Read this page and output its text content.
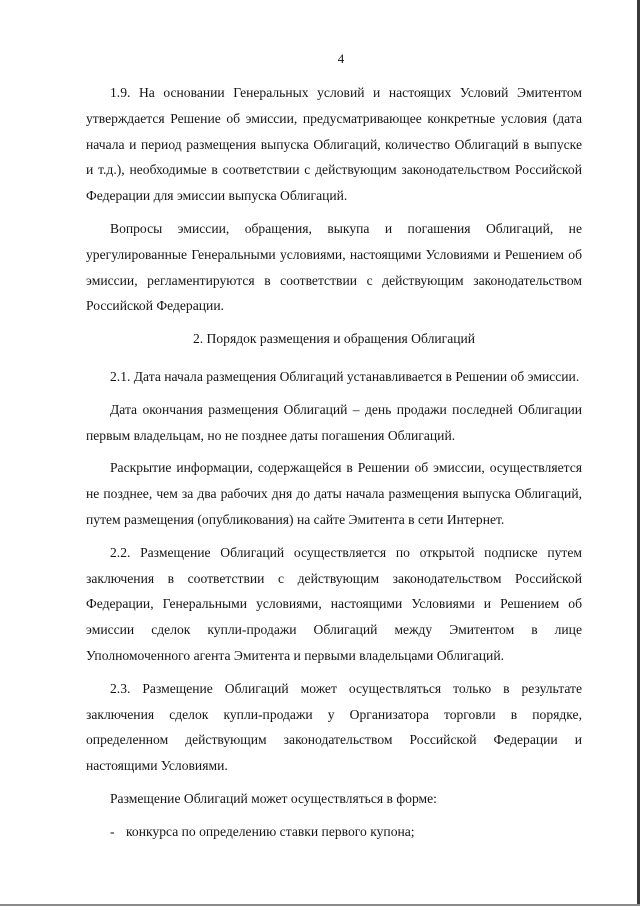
4

1.9. На основании Генеральных условий и настоящих Условий Эмитентом утверждается Решение об эмиссии, предусматривающее конкретные условия (дата начала и период размещения выпуска Облигаций, количество Облигаций в выпуске и т.д.), необходимые в соответствии с действующим законодательством Российской Федерации для эмиссии выпуска Облигаций.

Вопросы эмиссии, обращения, выкупа и погашения Облигаций, не урегулированные Генеральными условиями, настоящими Условиями и Решением об эмиссии, регламентируются в соответствии с действующим законодательством Российской Федерации.

2. Порядок размещения и обращения Облигаций

2.1. Дата начала размещения Облигаций устанавливается в Решении об эмиссии.

Дата окончания размещения Облигаций – день продажи последней Облигации первым владельцам, но не позднее даты погашения Облигаций.

Раскрытие информации, содержащейся в Решении об эмиссии, осуществляется не позднее, чем за два рабочих дня до даты начала размещения выпуска Облигаций, путем размещения (опубликования) на сайте Эмитента в сети Интернет.

2.2. Размещение Облигаций осуществляется по открытой подписке путем заключения в соответствии с действующим законодательством Российской Федерации, Генеральными условиями, настоящими Условиями и Решением об эмиссии сделок купли-продажи Облигаций между Эмитентом в лице Уполномоченного агента Эмитента и первыми владельцами Облигаций.

2.3. Размещение Облигаций может осуществляться только в результате заключения сделок купли-продажи у Организатора торговли в порядке, определенном действующим законодательством Российской Федерации и настоящими Условиями.

Размещение Облигаций может осуществляться в форме:

- конкурса по определению ставки первого купона;
